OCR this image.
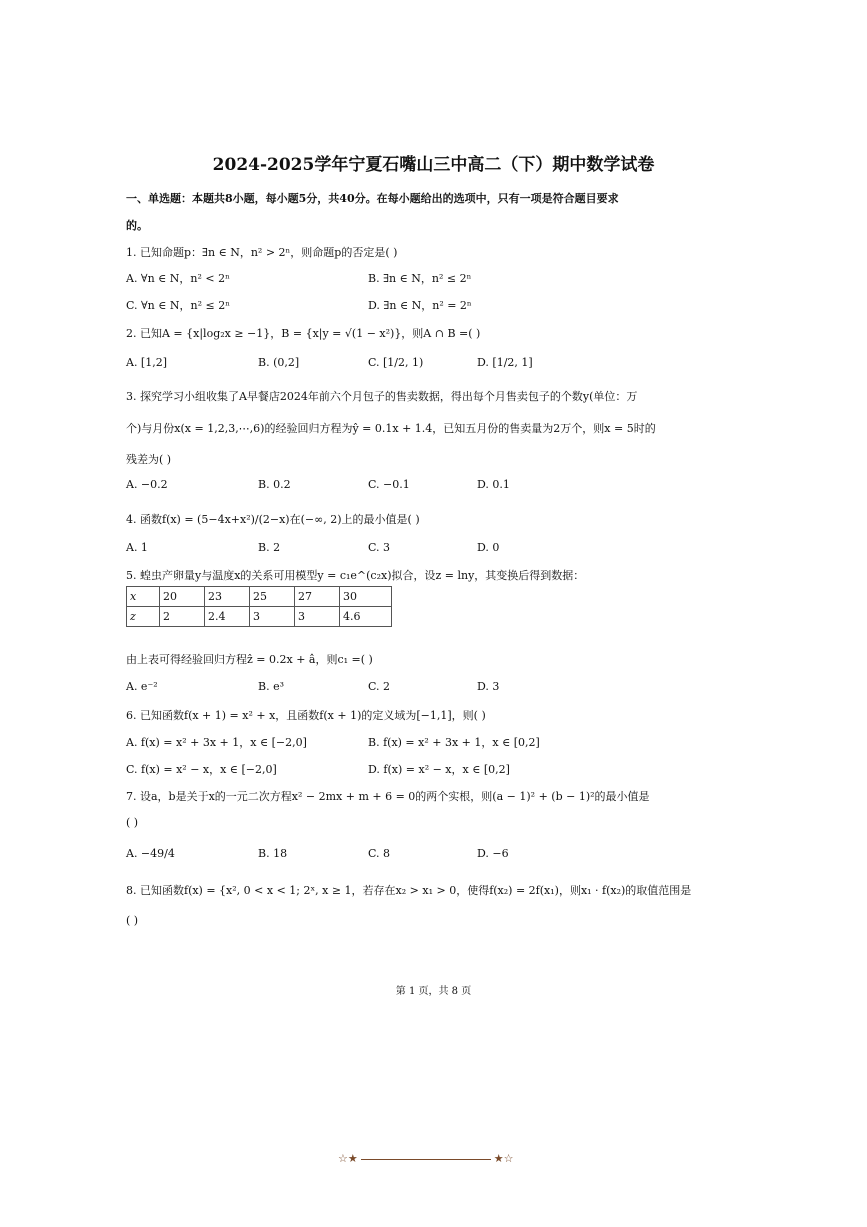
2024-2025学年宁夏石嘴山三中高二（下）期中数学试卷
一、单选题：本题共8小题，每小题5分，共40分。在每小题给出的选项中，只有一项是符合题目要求
的。
1. 已知命题p：∃n ∈ N，n² > 2ⁿ，则命题p的否定是( )
A. ∀n ∈ N，n² < 2ⁿ	B. ∃n ∈ N，n² ≤ 2ⁿ
C. ∀n ∈ N，n² ≤ 2ⁿ	D. ∃n ∈ N，n² = 2ⁿ
2. 已知A = {x|log₂x ≥ −1}，B = {x|y = √(1 − x²)}，则A ∩ B =( )
A. [1,2]	B. (0,2]	C. [1/2, 1)	D. [1/2, 1]
3. 探究学习小组收集了A早餐店2024年前六个月包子的售卖数据，得出每个月售卖包子的个数y(单位：万
个)与月份x(x = 1,2,3,⋯,6)的经验回归方程为ŷ = 0.1x + 1.4，已知五月份的售卖量为2万个，则x = 5时的
残差为( )
A. −0.2	B. 0.2	C. −0.1	D. 0.1
4. 函数f(x) = (5−4x+x²)/(2−x)在(−∞, 2)上的最小值是( )
A. 1	B. 2	C. 3	D. 0
5. 蝗虫产卵量y与温度x的关系可用模型y = c₁e^(c₂x)拟合，设z = lny，其变换后得到数据：
x	20	23	25	27	30
z	2	2.4	3	3	4.6
由上表可得经验回归方程ẑ = 0.2x + â，则c₁ =( )
A. e⁻²	B. e³	C. 2	D. 3
6. 已知函数f(x + 1) = x² + x，且函数f(x + 1)的定义域为[−1,1]，则( )
A. f(x) = x² + 3x + 1，x ∈ [−2,0]	B. f(x) = x² + 3x + 1，x ∈ [0,2]
C. f(x) = x² − x，x ∈ [−2,0]	D. f(x) = x² − x，x ∈ [0,2]
7. 设a，b是关于x的一元二次方程x² − 2mx + m + 6 = 0的两个实根，则(a − 1)² + (b − 1)²的最小值是
( )
A. −49/4	B. 18	C. 8	D. −6
8. 已知函数f(x) = {x², 0 < x < 1; 2ˣ, x ≥ 1，若存在x₂ > x₁ > 0，使得f(x₂) = 2f(x₁)，则x₁ · f(x₂)的取值范围是
( )
第 1 页，共 8 页
☆★	★☆
